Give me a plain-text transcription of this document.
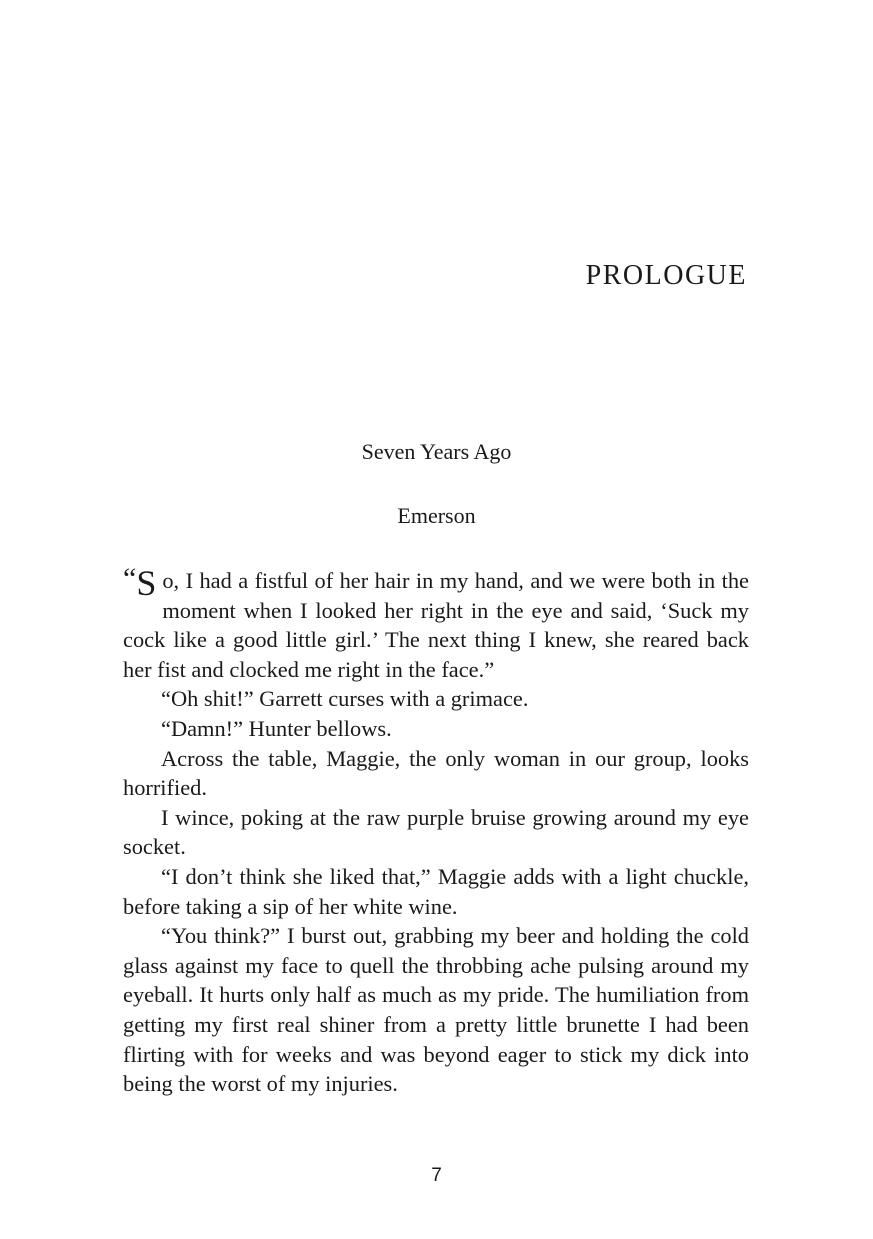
PROLOGUE

Seven Years Ago

Emerson

“S o, I had a fistful of her hair in my hand, and we were both in the moment when I looked her right in the eye and said, ‘Suck my cock like a good little girl.’ The next thing I knew, she reared back her fist and clocked me right in the face.”

“Oh shit!” Garrett curses with a grimace.

“Damn!” Hunter bellows.

Across the table, Maggie, the only woman in our group, looks horrified.

I wince, poking at the raw purple bruise growing around my eye socket.

“I don’t think she liked that,” Maggie adds with a light chuckle, before taking a sip of her white wine.

“You think?” I burst out, grabbing my beer and holding the cold glass against my face to quell the throbbing ache pulsing around my eyeball. It hurts only half as much as my pride. The humiliation from getting my first real shiner from a pretty little brunette I had been flirting with for weeks and was beyond eager to stick my dick into being the worst of my injuries.

7
